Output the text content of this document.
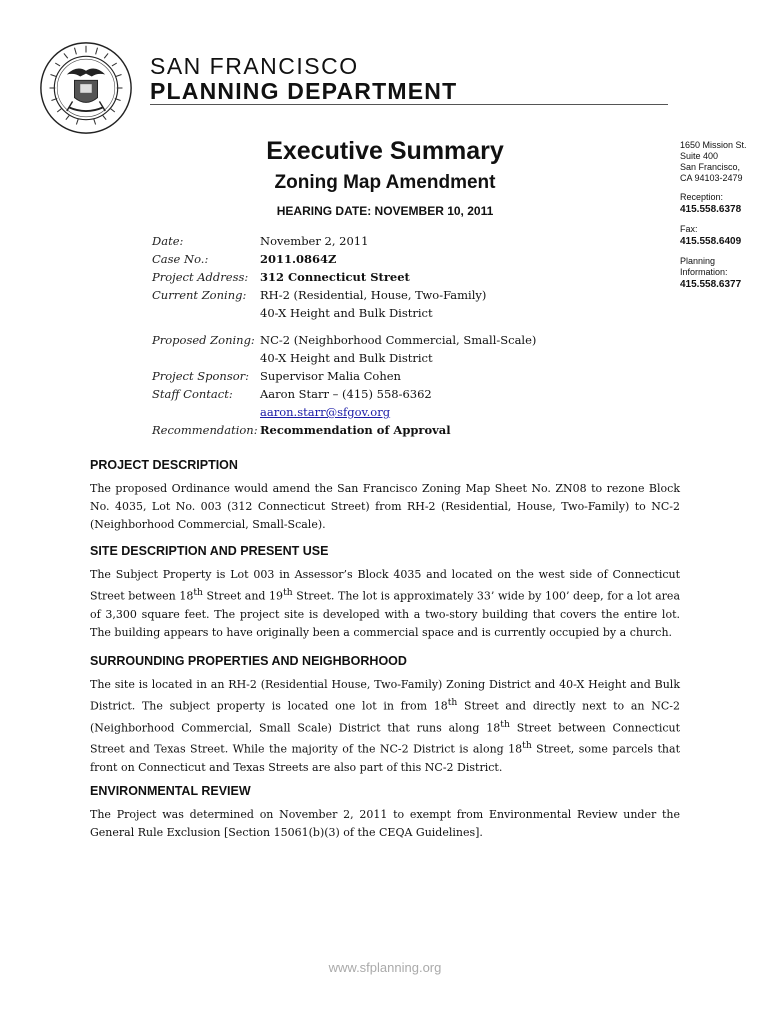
SAN FRANCISCO
PLANNING DEPARTMENT
Executive Summary
Zoning Map Amendment
HEARING DATE: NOVEMBER 10, 2011
1650 Mission St.
Suite 400
San Francisco,
CA 94103-2479
Reception:
415.558.6378
Fax:
415.558.6409
Planning
Information:
415.558.6377
Date:	November 2, 2011
Case No.:	2011.0864Z
Project Address:	312 Connecticut Street
Current Zoning:	RH-2 (Residential, House, Two-Family)
40-X Height and Bulk District
Proposed Zoning: NC-2 (Neighborhood Commercial, Small-Scale)
40-X Height and Bulk District
Project Sponsor: Supervisor Malia Cohen
Staff Contact:	Aaron Starr – (415) 558-6362
aaron.starr@sfgov.org
Recommendation: Recommendation of Approval
PROJECT DESCRIPTION

The proposed Ordinance would amend the San Francisco Zoning Map Sheet No. ZN08 to rezone Block No. 4035, Lot No. 003 (312 Connecticut Street) from RH-2 (Residential, House, Two-Family) to NC-2 (Neighborhood Commercial, Small-Scale).

SITE DESCRIPTION AND PRESENT USE

The Subject Property is Lot 003 in Assessor’s Block 4035 and located on the west side of Connecticut Street between 18th Street and 19th Street. The lot is approximately 33’ wide by 100’ deep, for a lot area of 3,300 square feet. The project site is developed with a two-story building that covers the entire lot. The building appears to have originally been a commercial space and is currently occupied by a church.

SURROUNDING PROPERTIES AND NEIGHBORHOOD

The site is located in an RH-2 (Residential House, Two-Family) Zoning District and 40-X Height and Bulk District. The subject property is located one lot in from 18th Street and directly next to an NC-2 (Neighborhood Commercial, Small Scale) District that runs along 18th Street between Connecticut Street and Texas Street. While the majority of the NC-2 District is along 18th Street, some parcels that front on Connecticut and Texas Streets are also part of this NC-2 District.

ENVIRONMENTAL REVIEW

The Project was determined on November 2, 2011 to exempt from Environmental Review under the General Rule Exclusion [Section 15061(b)(3) of the CEQA Guidelines].

www.sfplanning.org
